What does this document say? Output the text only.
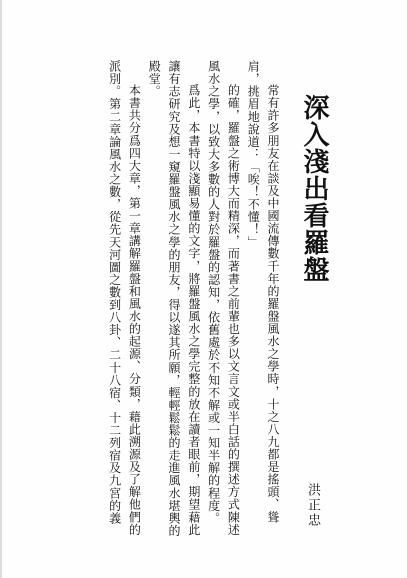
深入淺出看羅盤
洪正忠
常有許多朋友在談及中國流傳數千年的羅盤風水之學時，十之八九都是搖頭、聳
肩，挑眉地說道：「唉！不懂！」
的確，羅盤之術博大而精深，而著書之前輩也多以文言文或半白話的撰述方式陳述
風水之學，以致大多數的人對於羅盤的認知，依舊處於不知不解或一知半解的程度。
爲此，本書特以淺顯易懂的文字，將羅盤風水之學完整的放在讀者眼前，期望藉此
讓有志研究及想一窺羅盤風水之學的朋友，得以遂其所願，輕輕鬆鬆的走進風水堪輿的
殿堂。
本書共分爲四大章，第一章講解羅盤和風水的起源、分類，藉此溯源及了解他們的
派別。第二章論風水之數，從先天河圖之數到八卦、二十八宿、十二列宿及九宮的義
